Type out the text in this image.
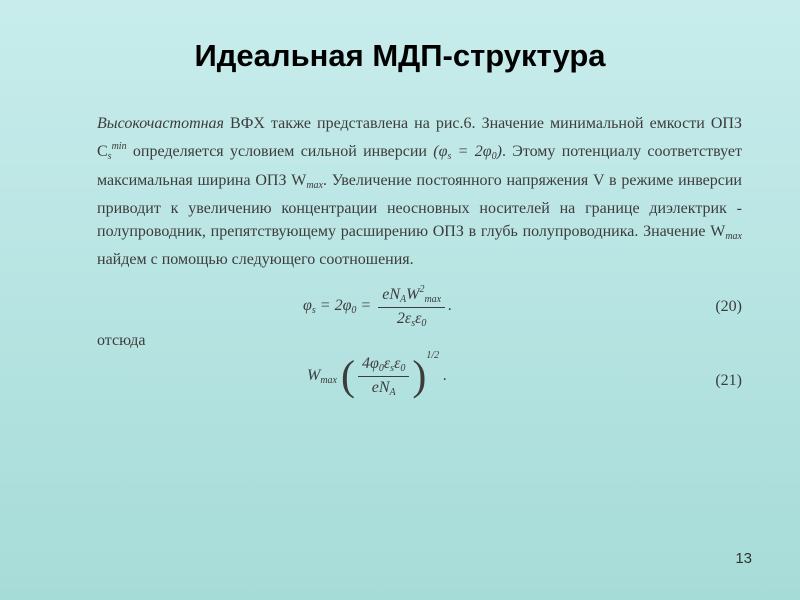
Идеальная МДП-структура

Высокочастотная ВФХ также представлена на рис.6. Значение минимальной емкости ОПЗ $C_s^{min}$ определяется условием сильной инверсии $(\varphi_s = 2\varphi_0)$. Этому потенциалу соответствует максимальная ширина ОПЗ $W_{max}$. Увеличение постоянного напряжения V в режиме инверсии приводит к увеличению концентрации неосновных носителей на границе диэлектрик - полупроводник, препятствующему расширению ОПЗ в глубь полупроводника. Значение $W_{max}$ найдем с помощью следующего соотношения.

$\varphi_s = 2\varphi_0 = \frac{eN_AW^2_{max}}{2\varepsilon_s\varepsilon_0}$ .	(20)
отсюда
$W_{max}$ ( $\frac{4\varphi_0\varepsilon_s\varepsilon_0}{eN_A} )^{1/2}$ .	(21)
13
